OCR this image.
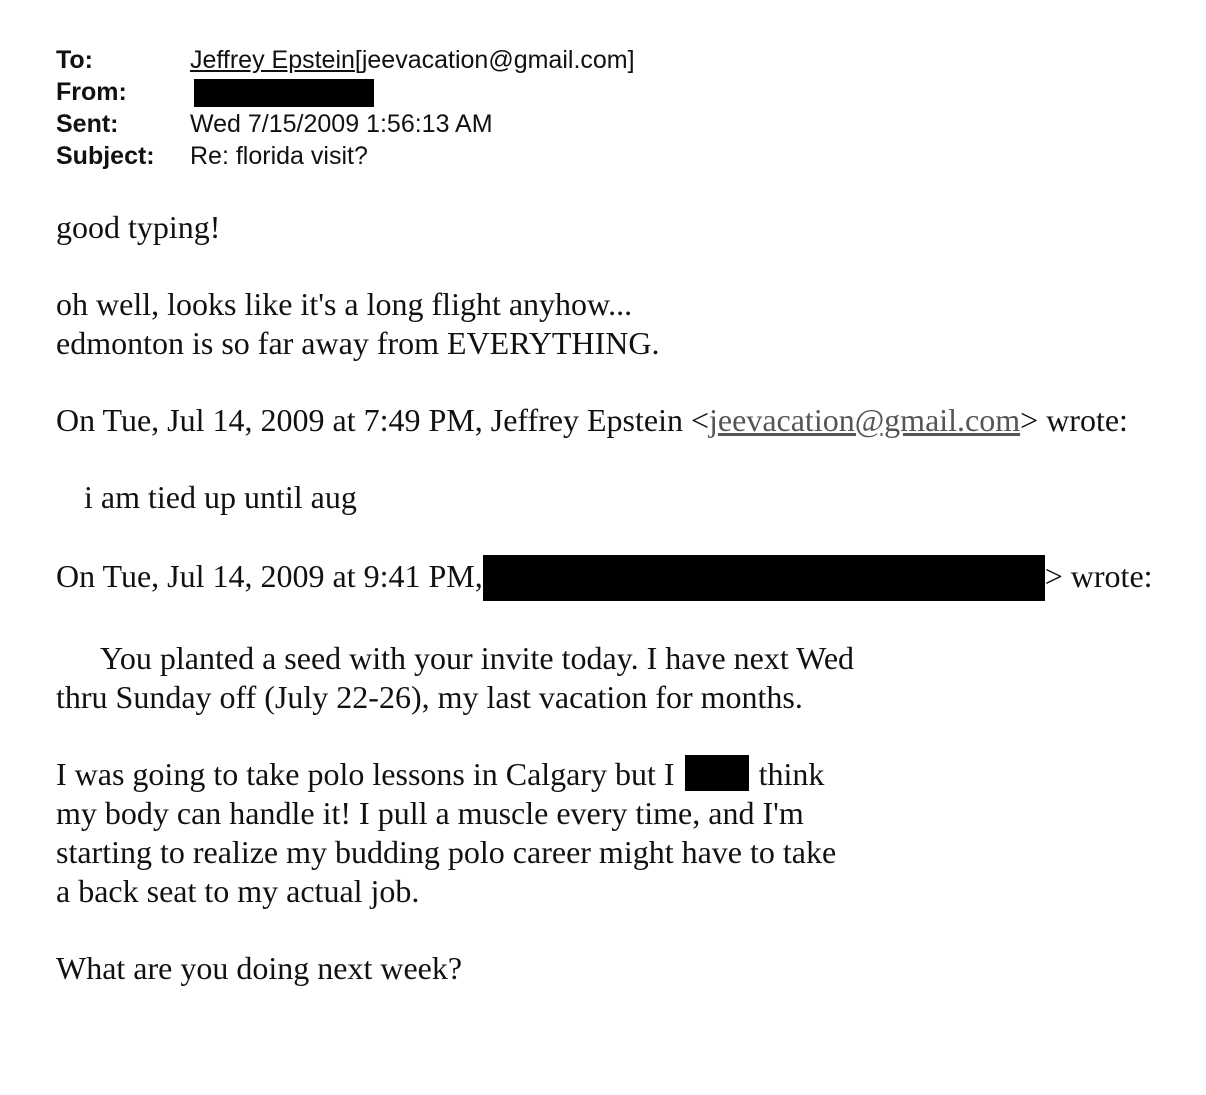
To:	Jeffrey Epstein[jeevacation@gmail.com]
From:
Sent:	Wed 7/15/2009 1:56:13 AM
Subject: Re: florida visit?

good typing!

oh well, looks like it's a long flight anyhow...

edmonton is so far away from EVERYTHING.

On Tue, Jul 14, 2009 at 7:49 PM, Jeffrey Epstein <jeevacation@gmail.com> wrote:

i am tied up until aug

On Tue, Jul 14, 2009 at 9:41 PM,	> wrote:

You planted a seed with your invite today. I have next Wed

thru Sunday off (July 22-26), my last vacation for months.

I was going to take polo lessons in Calgary but I	think

my body can handle it! I pull a muscle every time, and I'm

starting to realize my budding polo career might have to take

a back seat to my actual job.

What are you doing next week?
